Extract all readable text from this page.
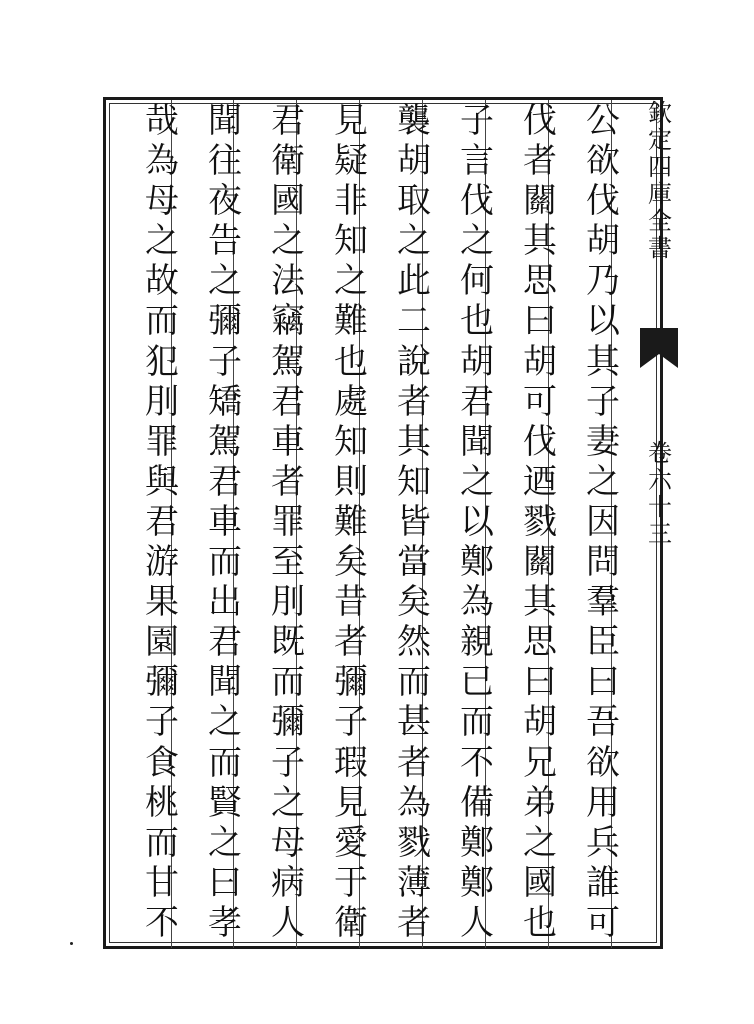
公
欲
伐
胡
乃
以
其
子
妻
之
因
問
羣
臣
曰
吾
欲
用
兵
誰
可
伐
者
關
其
思
曰
胡
可
伐
迺
戮
關
其
思
曰
胡
兄
弟
之
國
也
子
言
伐
之
何
也
胡
君
聞
之
以
鄭
為
親
已
而
不
備
鄭
鄭
人
襲
胡
取
之
此
二
說
者
其
知
皆
當
矣
然
而
甚
者
為
戮
薄
者
見
疑
非
知
之
難
也
處
知
則
難
矣
昔
者
彌
子
瑕
見
愛
于
衛
君
衛
國
之
法
竊
駕
君
車
者
罪
至
刖
既
而
彌
子
之
母
病
人
聞
往
夜
告
之
彌
子
矯
駕
君
車
而
出
君
聞
之
而
賢
之
曰
孝
哉
為
母
之
故
而
犯
刖
罪
與
君
游
果
園
彌
子
食
桃
而
甘
不
欽
定
四
庫
全
書
卷
六
十
三
